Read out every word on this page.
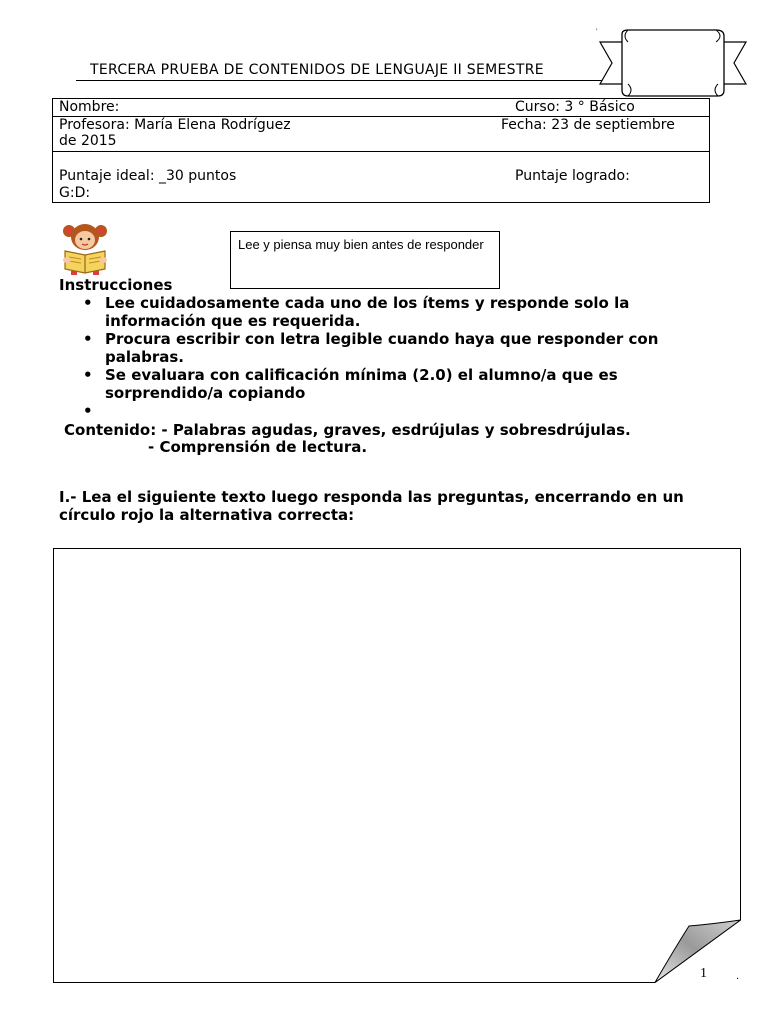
TERCERA PRUEBA DE CONTENIDOS DE LENGUAJE II SEMESTRE
'
Nombre:	Curso: 3 ° Básico
Profesora: María Elena Rodríguez	Fecha: 23 de septiembre
de 2015
Puntaje ideal: _30 puntos	Puntaje logrado:
G:D:
Lee y piensa muy bien antes de responder
Instrucciones
• Lee cuidadosamente cada uno de los ítems y responde solo la información que es requerida.
• Procura escribir con letra legible cuando haya que responder con palabras.
• Se evaluara con calificación mínima (2.0) el alumno/a que es sorprendido/a copiando
•
Contenido: - Palabras agudas, graves, esdrújulas y sobresdrújulas.
- Comprensión de lectura.
I.- Lea el siguiente texto luego responda las preguntas, encerrando en un círculo rojo la alternativa correcta:
1	.
